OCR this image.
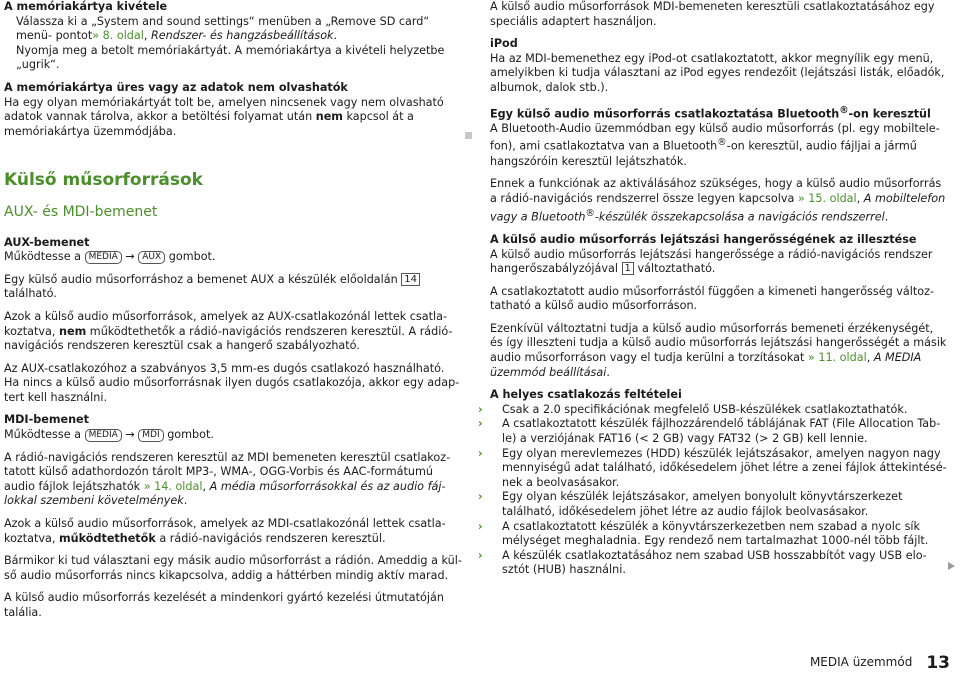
A memóriakártya kivétele

Válassza ki a „System and sound settings“ menüben a „Remove SD card“ menü- pontot» 8. oldal, Rendszer- és hangzásbeállítások.

Nyomja meg a betolt memóriakártyát. A memóriakártya a kivételi helyzetbe „ugrik“.

A memóriakártya üres vagy az adatok nem olvashatók

Ha egy olyan memóriakártyát tolt be, amelyen nincsenek vagy nem olvasható adatok vannak tárolva, akkor a betöltési folyamat után nem kapcsol át a memóriakártya üzemmódjába.

Külső műsorforrások
AUX- és MDI-bemenet

AUX-bemenet

Működtesse a MEDIA → AUX gombot.

Egy külső audio műsorforráshoz a bemenet AUX a készülék előoldalán 14 található.

Azok a külső audio műsorforrások, amelyek az AUX-csatlakozónál lettek csatlakoztatva, nem működtethetők a rádió-navigációs rendszeren keresztül. A rádió-navigációs rendszeren keresztül csak a hangerő szabályozható.

Az AUX-csatlakozóhoz a szabványos 3,5 mm-es dugós csatlakozó használható. Ha nincs a külső audio műsorforrásnak ilyen dugós csatlakozója, akkor egy adaptert kell használni.

MDI-bemenet

Működtesse a MEDIA → MDI gombot.

A rádió-navigációs rendszeren keresztül az MDI bemeneten keresztül csatlakoztatott külső adathordozón tárolt MP3-, WMA-, OGG-Vorbis és AAC-formátumú audio fájlok lejátszhatók » 14. oldal, A média műsorforrásokkal és az audio fájlokkal szembeni követelmények.

Azok a külső audio műsorforrások, amelyek az MDI-csatlakozónál lettek csatlakoztatva, működtethetők a rádió-navigációs rendszeren keresztül.

Bármikor ki tud választani egy másik audio műsorforrást a rádión. Ameddig a külső audio műsorforrás nincs kikapcsolva, addig a háttérben mindig aktív marad.

A külső audio műsorforrás kezelését a mindenkori gyártó kezelési útmutatóján talália.

A külső audio műsorforrások MDI-bemeneten keresztüli csatlakoztatásához egy speciális adaptert használjon.

iPod

Ha az MDI-bemenethez egy iPod-ot csatlakoztatott, akkor megnyílik egy menü, amelyikben ki tudja választani az iPod egyes rendezőit (lejátszási listák, előadók, albumok, dalok stb.).

Egy külső audio műsorforrás csatlakoztatása Bluetooth®-on keresztül

A Bluetooth-Audio üzemmódban egy külső audio műsorforrás (pl. egy mobiltelefon), ami csatlakoztatva van a Bluetooth®-on keresztül, audio fájljai a jármű hangszóróin keresztül lejátszhatók.

Ennek a funkciónak az aktiválásához szükséges, hogy a külső audio műsorforrás a rádió-navigációs rendszerrel össze legyen kapcsolva » 15. oldal, A mobiltelefon vagy a Bluetooth®-készülék összekapcsolása a navigációs rendszerrel.

A külső audio műsorforrás lejátszási hangerősségének az illesztése

A külső audio műsorforrás lejátszási hangerőssége a rádió-navigációs rendszer hangerőszabályzójával 1 változtatható.

A csatlakoztatott audio műsorforrástól függően a kimeneti hangerősség változtatható a külső audio műsorforráson.

Ezenkívül változtatni tudja a külső audio műsorforrás bemeneti érzékenységét, és így illeszteni tudja a külső audio műsorforrás lejátszási hangerősségét a másik audio műsorforráson vagy el tudja kerülni a torzításokat » 11. oldal, A MEDIA üzemmód beállításai.

A helyes csatlakozás feltételei

› Csak a 2.0 specifikációnak megfelelő USB-készülékek csatlakoztathatók.

› A csatlakoztatott készülék fájlhozzárendelő táblájának FAT (File Allocation Table) a verziójának FAT16 (< 2 GB) vagy FAT32 (> 2 GB) kell lennie.

› Egy olyan merevlemezes (HDD) készülék lejátszásakor, amelyen nagyon nagy mennyiségű adat található, időkésedelem jöhet létre a zenei fájlok áttekintésének a beolvasásakor.

› Egy olyan készülék lejátszásakor, amelyen bonyolult könyvtárszerkezet található, időkésedelem jöhet létre az audio fájlok beolvasásakor.

› A csatlakoztatott készülék a könyvtárszerkezetben nem szabad a nyolc sík mélységet meghaladnia. Egy rendező nem tartalmazhat 1000-nél több fájlt.

› A készülék csatlakoztatásához nem szabad USB hosszabbítót vagy USB elosztót (HUB) használni.

MEDIA üzemmód 13
